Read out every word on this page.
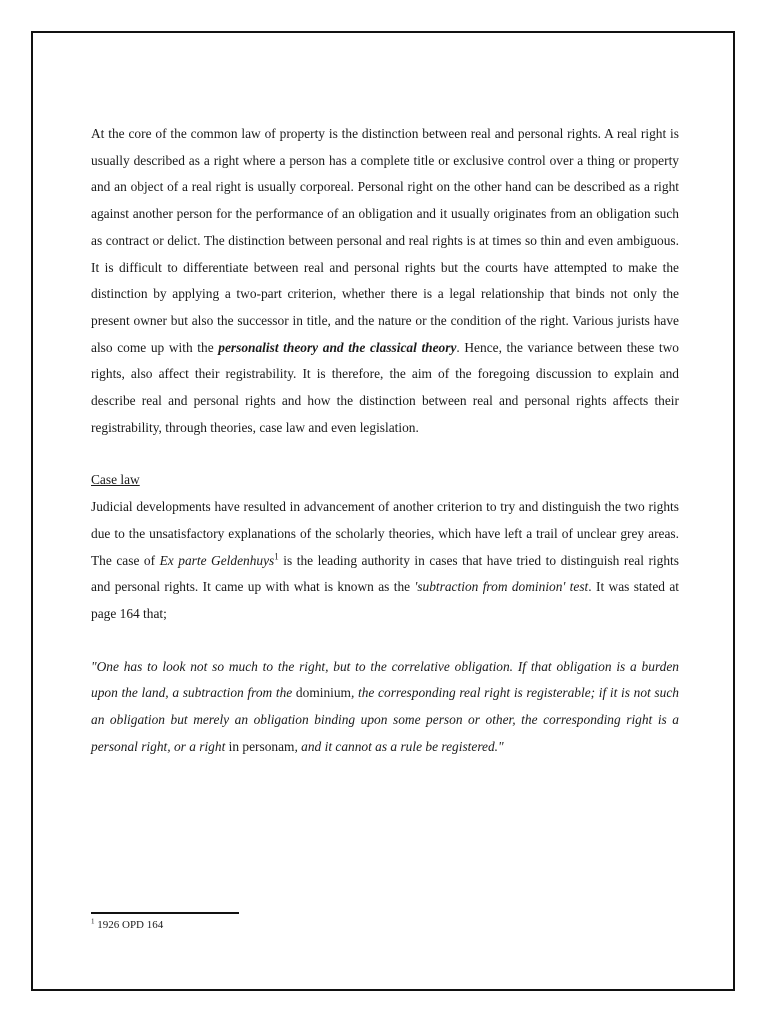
At the core of the common law of property is the distinction between real and personal rights. A real right is usually described as a right where a person has a complete title or exclusive control over a thing or property and an object of a real right is usually corporeal. Personal right on the other hand can be described as a right against another person for the performance of an obligation and it usually originates from an obligation such as contract or delict. The distinction between personal and real rights is at times so thin and even ambiguous. It is difficult to differentiate between real and personal rights but the courts have attempted to make the distinction by applying a two-part criterion, whether there is a legal relationship that binds not only the present owner but also the successor in title, and the nature or the condition of the right. Various jurists have also come up with the personalist theory and the classical theory. Hence, the variance between these two rights, also affect their registrability. It is therefore, the aim of the foregoing discussion to explain and describe real and personal rights and how the distinction between real and personal rights affects their registrability, through theories, case law and even legislation.

Case law

Judicial developments have resulted in advancement of another criterion to try and distinguish the two rights due to the unsatisfactory explanations of the scholarly theories, which have left a trail of unclear grey areas. The case of Ex parte Geldenhuys$^1$ is the leading authority in cases that have tried to distinguish real rights and personal rights. It came up with what is known as the 'subtraction from dominion' test. It was stated at page 164 that;

"One has to look not so much to the right, but to the correlative obligation. If that obligation is a burden upon the land, a subtraction from the dominium, the corresponding real right is registerable; if it is not such an obligation but merely an obligation binding upon some person or other, the corresponding right is a personal right, or a right in personam, and it cannot as a rule be registered."

$^1$ 1926 OPD 164
